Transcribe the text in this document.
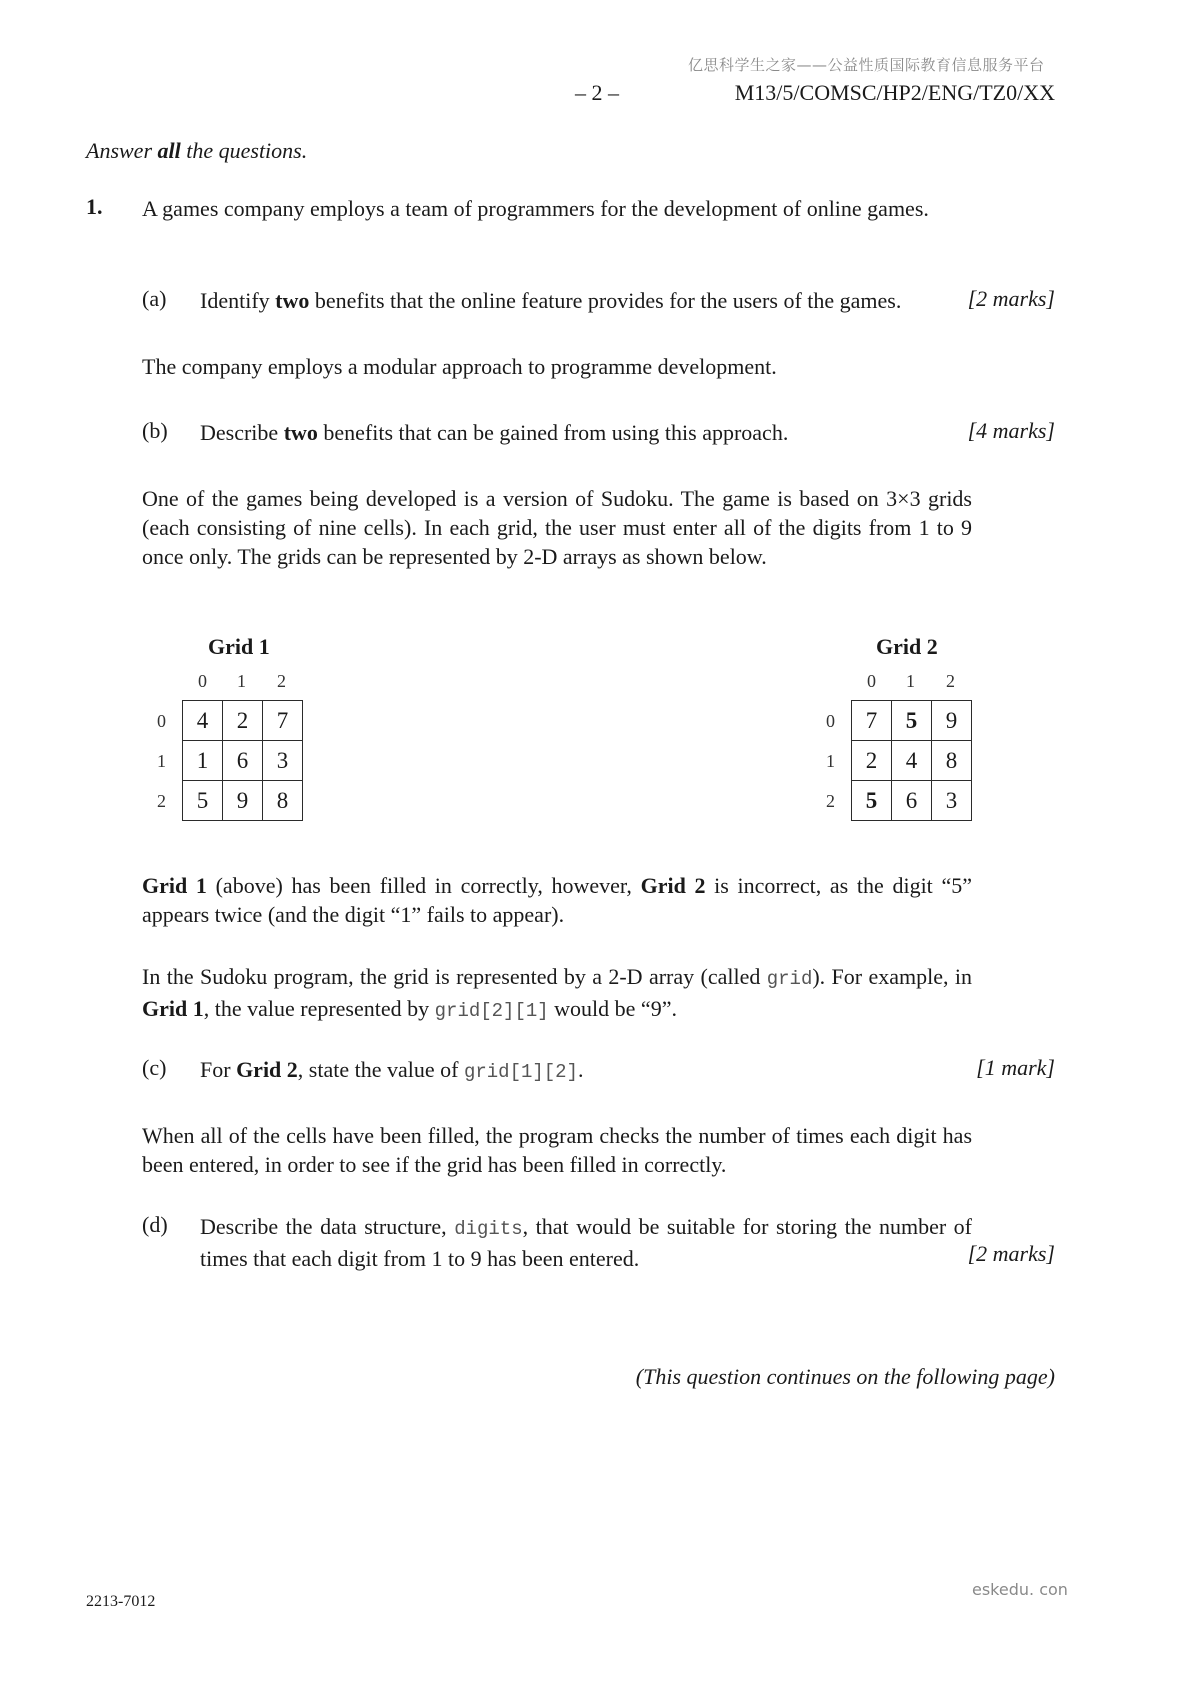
亿思科学生之家——公益性质国际教育信息服务平台
– 2 –	M13/5/COMSC/HP2/ENG/TZ0/XX
Answer all the questions.
1. A games company employs a team of programmers for the development of online games.
(a) Identify two benefits that the online feature provides for the users of the games.	[2 marks]
The company employs a modular approach to programme development.
(b) Describe two benefits that can be gained from using this approach.	[4 marks]
One of the games being developed is a version of Sudoku. The game is based on 3×3 grids (each consisting of nine cells). In each grid, the user must enter all of the digits from 1 to 9 once only. The grids can be represented by 2-D arrays as shown below.
Grid 1
0 1 2
0
1
2
4	2	7
1	6	3
5	9	8
Grid 2
0 1 2
0
1
2
7	5	9
2	4	8
5	6	3
Grid 1 (above) has been filled in correctly, however, Grid 2 is incorrect, as the digit “5” appears twice (and the digit “1” fails to appear).
In the Sudoku program, the grid is represented by a 2-D array (called grid). For example, in Grid 1, the value represented by grid[2][1] would be “9”.
(c) For Grid 2, state the value of grid[1][2].	[1 mark]
When all of the cells have been filled, the program checks the number of times each digit has been entered, in order to see if the grid has been filled in correctly.
(d) Describe the data structure, digits, that would be suitable for storing the number of times that each digit from 1 to 9 has been entered.	[2 marks]
(This question continues on the following page)
2213-7012
eskedu. con
